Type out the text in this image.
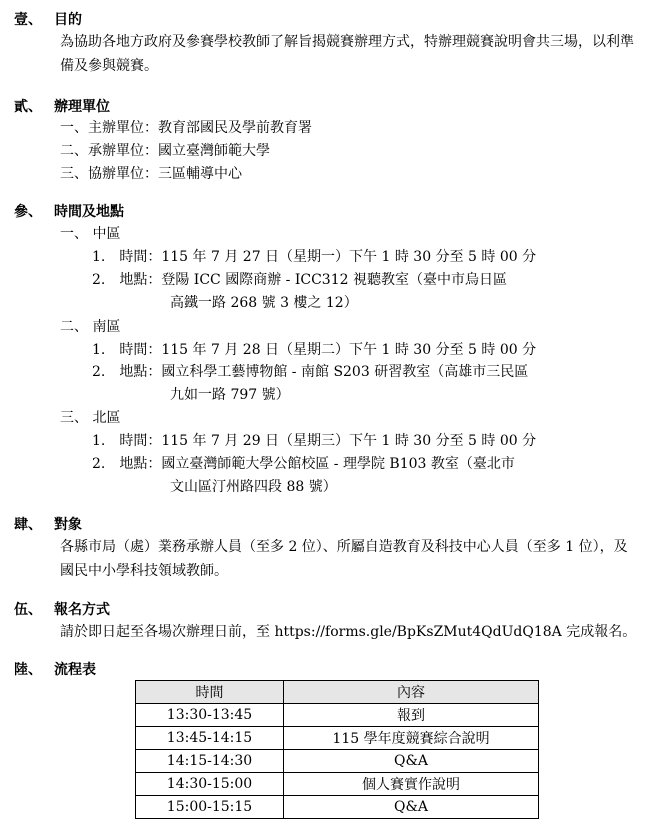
壹、 目的
為協助各地方政府及參賽學校教師了解旨揭競賽辦理方式，特辦理競賽說明會共三場，以利準備及參與競賽。
貳、 辦理單位
一、主辦單位：教育部國民及學前教育署
二、承辦單位：國立臺灣師範大學
三、協辦單位：三區輔導中心
參、 時間及地點
一、 中區
1.　時間：115 年 7 月 27 日（星期一）下午 1 時 30 分至 5 時 00 分
2.　地點：登陽 ICC 國際商辦 - ICC312 視聽教室（臺中市烏日區
高鐵一路 268 號 3 樓之 12）
二、 南區
1.　時間：115 年 7 月 28 日（星期二）下午 1 時 30 分至 5 時 00 分
2.　地點：國立科學工藝博物館 - 南館 S203 研習教室（高雄市三民區
九如一路 797 號）
三、 北區
1.　時間：115 年 7 月 29 日（星期三）下午 1 時 30 分至 5 時 00 分
2.　地點：國立臺灣師範大學公館校區 - 理學院 B103 教室（臺北市
文山區汀州路四段 88 號）
肆、 對象
各縣市局（處）業務承辦人員（至多 2 位）、所屬自造教育及科技中心人員（至多 1 位），及國民中小學科技領域教師。
伍、 報名方式
請於即日起至各場次辦理日前，至 https://forms.gle/BpKsZMut4QdUdQ18A 完成報名。
陸、 流程表
時間	內容
13:30-13:45	報到
13:45-14:15	115 學年度競賽綜合說明
14:15-14:30	Q&A
14:30-15:00	個人賽實作說明
15:00-15:15	Q&A
